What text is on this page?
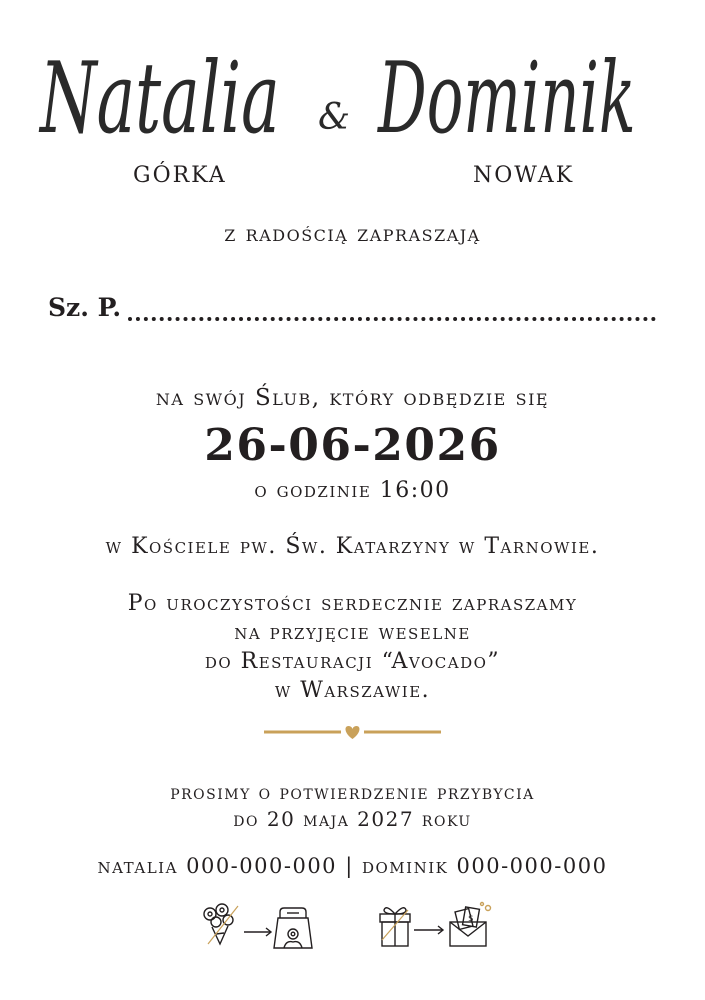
Natalia & Dominik
GÓRKA	NOWAK
z radością zapraszają
Sz. P.
na swój Ślub, który odbędzie się
26-06-2026
o godzinie 16:00
w Kościele pw. Św. Katarzyny w Tarnowie.
Po uroczystości serdecznie zapraszamy
na przyjęcie weselne
do Restauracji “Avocado”
w Warszawie.
prosimy o potwierdzenie przybycia
do 20 maja 2027 roku
natalia 000-000-000 | dominik 000-000-000
$
